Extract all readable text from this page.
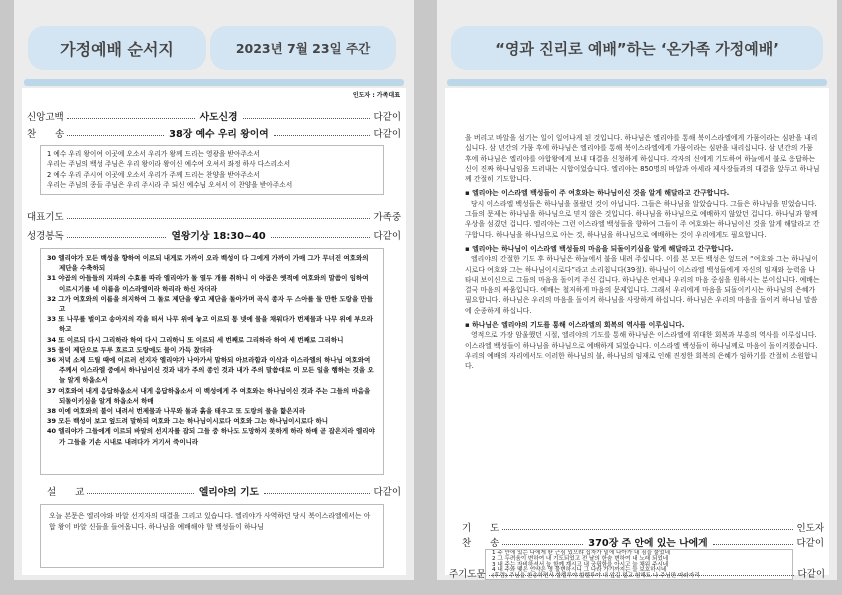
가정예배 순서지	2023년 7월 23일 주간
인도자 : 가족대표
신앙고백	사도신경	다같이
찬　　송	38장 예수 우리 왕이여	다같이

1 예수 우리 왕이여 이곳에 오소서 우리가 왕께 드리는 영광을 받아주소서

우리는 주님의 백성 주님은 우리 왕이라 왕이신 예수여 오셔서 좌정 하사 다스리소서

2 예수 우리 주시여 이곳에 오소서 우리가 주께 드리는 찬양을 받아주소서

우리는 주님의 종들 주님은 우리 주시라 주 되신 예수님 오셔서 이 찬양을 받아주소서

대표기도	가족중
성경봉독	열왕기상 18:30~40	다같이

30 엘리야가 모든 백성을 향하여 이르되 내게로 가까이 오라 백성이 다 그에게 가까이 가매 그가 무너진 여호와의 제단을 수축하되

31 야곱의 아들들의 지파의 수효를 따라 엘리야가 돌 열두 개를 취하니 이 야곱은 옛적에 여호와의 말씀이 임하여 이르시기를 네 이름을 이스라엘이라 하리라 하신 자더라

32 그가 여호와의 이름을 의지하여 그 돌로 제단을 쌓고 제단을 돌아가며 곡식 종자 두 스아를 둘 만한 도랑을 만들고

33 또 나무를 벌이고 송아지의 각을 떠서 나무 위에 놓고 이르되 통 넷에 물을 채워다가 번제물과 나무 위에 부으라 하고

34 또 이르되 다시 그리하라 하여 다시 그리하니 또 이르되 세 번째로 그리하라 하여 세 번째로 그리하니

35 물이 제단으로 두루 흐르고 도랑에도 물이 가득 찼더라

36 저녁 소제 드릴 때에 이르러 선지자 엘리야가 나아가서 말하되 아브라함과 이삭과 이스라엘의 하나님 여호와여 주께서 이스라엘 중에서 하나님이신 것과 내가 주의 종인 것과 내가 주의 말씀대로 이 모든 일을 행하는 것을 오늘 알게 하옵소서

37 여호와여 내게 응답하옵소서 내게 응답하옵소서 이 백성에게 주 여호와는 하나님이신 것과 주는 그들의 마음을 되돌이키심을 알게 하옵소서 하매

38 이에 여호와의 불이 내려서 번제물과 나무와 돌과 흙을 태우고 또 도랑의 물을 핥은지라

39 모든 백성이 보고 엎드려 말하되 여호와 그는 하나님이시로다 여호와 그는 하나님이시로다 하니

40 엘리야가 그들에게 이르되 바알의 선지자를 잡되 그들 중 하나도 도망하지 못하게 하라 하매 곧 잡은지라 엘리야가 그들을 기손 시내로 내려다가 거기서 죽이니라

설　　교	엘리야의 기도	다같이
오늘 본문은 엘리야와 바알 선지자의 대결을 그리고 있습니다. 엘리야가 사역하던 당시 북이스라엘에서는 아합 왕이 바알 신들을 들여옵니다. 하나님을 예배해야 할 백성들이 하나님
“영과 진리로 예배”하는 ‘온가족 가정예배’

을 버리고 바알을 섬기는 일이 일어나게 된 것입니다. 하나님은 엘리야를 통해 북이스라엘에게 가뭄이라는 심판을 내리십니다. 삼 년간의 가뭄 후에 하나님은 엘리야를 통해 북이스라엘에게 가뭄이라는 심판을 내리십니다. 삼 년간의 가뭄 후에 하나님은 엘리야를 아합왕에게 보내 대결을 신청하게 하십니다. 각자의 신에게 기도하여 하늘에서 불로 응답하는 신이 진짜 하나님임을 드러내는 시합이었습니다. 엘리야는 850명의 바알과 아세라 제사장들과의 대결을 앞두고 하나님께 간절히 기도합니다.

▪ 엘리야는 이스라엘 백성들이 주 여호와는 하나님이신 것을 알게 해달라고 간구합니다.

당시 이스라엘 백성들은 하나님을 몰랐던 것이 아닙니다. 그들은 하나님을 알았습니다. 그들은 하나님을 믿었습니다. 그들의 문제는 하나님을 하나님으로 믿지 않은 것입니다. 하나님을 하나님으로 예배하지 않았던 겁니다. 하나님과 함께 우상을 섬겼던 겁니다. 엘리야는 그런 이스라엘 백성들을 향하여 그들이 주 여호와는 하나님이신 것을 알게 해달라고 간구합니다. 하나님을 하나님으로 아는 것, 하나님을 하나님으로 예배하는 것이 우리에게도 필요합니다.

▪ 엘리야는 하나님이 이스라엘 백성들의 마음을 되돌이키심을 알게 해달라고 간구합니다.

엘리야의 간절한 기도 후 하나님은 하늘에서 불을 내려 주십니다. 이를 본 모든 백성은 엎드려 “여호와 그는 하나님이시로다 여호와 그는 하나님이시로다”라고 소리칩니다(39절). 하나님이 이스라엘 백성들에게 자신의 임재와 능력을 나타내 보이신으로 그들의 마음을 돌이켜 주신 겁니다. 하나님은 언제나 우리의 마음 중심을 원하시는 분이십니다. 예배는 결국 마음의 싸움입니다. 예배는 철저하게 마음의 문제입니다. 그래서 우리에게 마음을 되돌이키시는 하나님의 은혜가 필요합니다. 하나님은 우리의 마음을 돌이켜 하나님을 사랑하게 하십니다. 하나님은 우리의 마음을 돌이켜 하나님 말씀에 순종하게 하십니다.

▪ 하나님은 엘리야의 기도를 통해 이스라엘의 회복의 역사를 이루십니다.

영적으로 가장 암울했던 시절, 엘리야의 기도를 통해 하나님은 이스라엘에 위대한 회복과 부흥의 역사를 이루십니다. 이스라엘 백성들이 하나님을 하나님으로 예배하게 되었습니다. 이스라엘 백성들이 하나님께로 마음이 돌이켜졌습니다. 우리의 예배의 자리에서도 이러한 하나님의 불, 하나님의 임재로 인해 진정한 회복의 은혜가 임하기를 간절히 소원합니다.

기　　도	인도자
찬　　송	370장 주 안에 있는 나에게	다같이

1 주 안에 있는 나에게 딴 근심 있으랴 십자가 밑에 나아가 내 짐을 풀었네

2 그 두려움이 변하여 내 기도되었고 전 날의 한숨 변하여 내 노래 되었네

3 내 주는 자비하셔서 늘 함께 계시고 내 궁핍함을 아시고 늘 채워 주시네

4 내 주와 맺은 언약은 영 불변하시니 그 나라 가기까지는 늘 보호하시네

(후렴) 주님을 찬송하면서 할렐루야 할렐루야 내 앞길 멀고 험해도 나 주님만 따라가리

주기도문	다같이
